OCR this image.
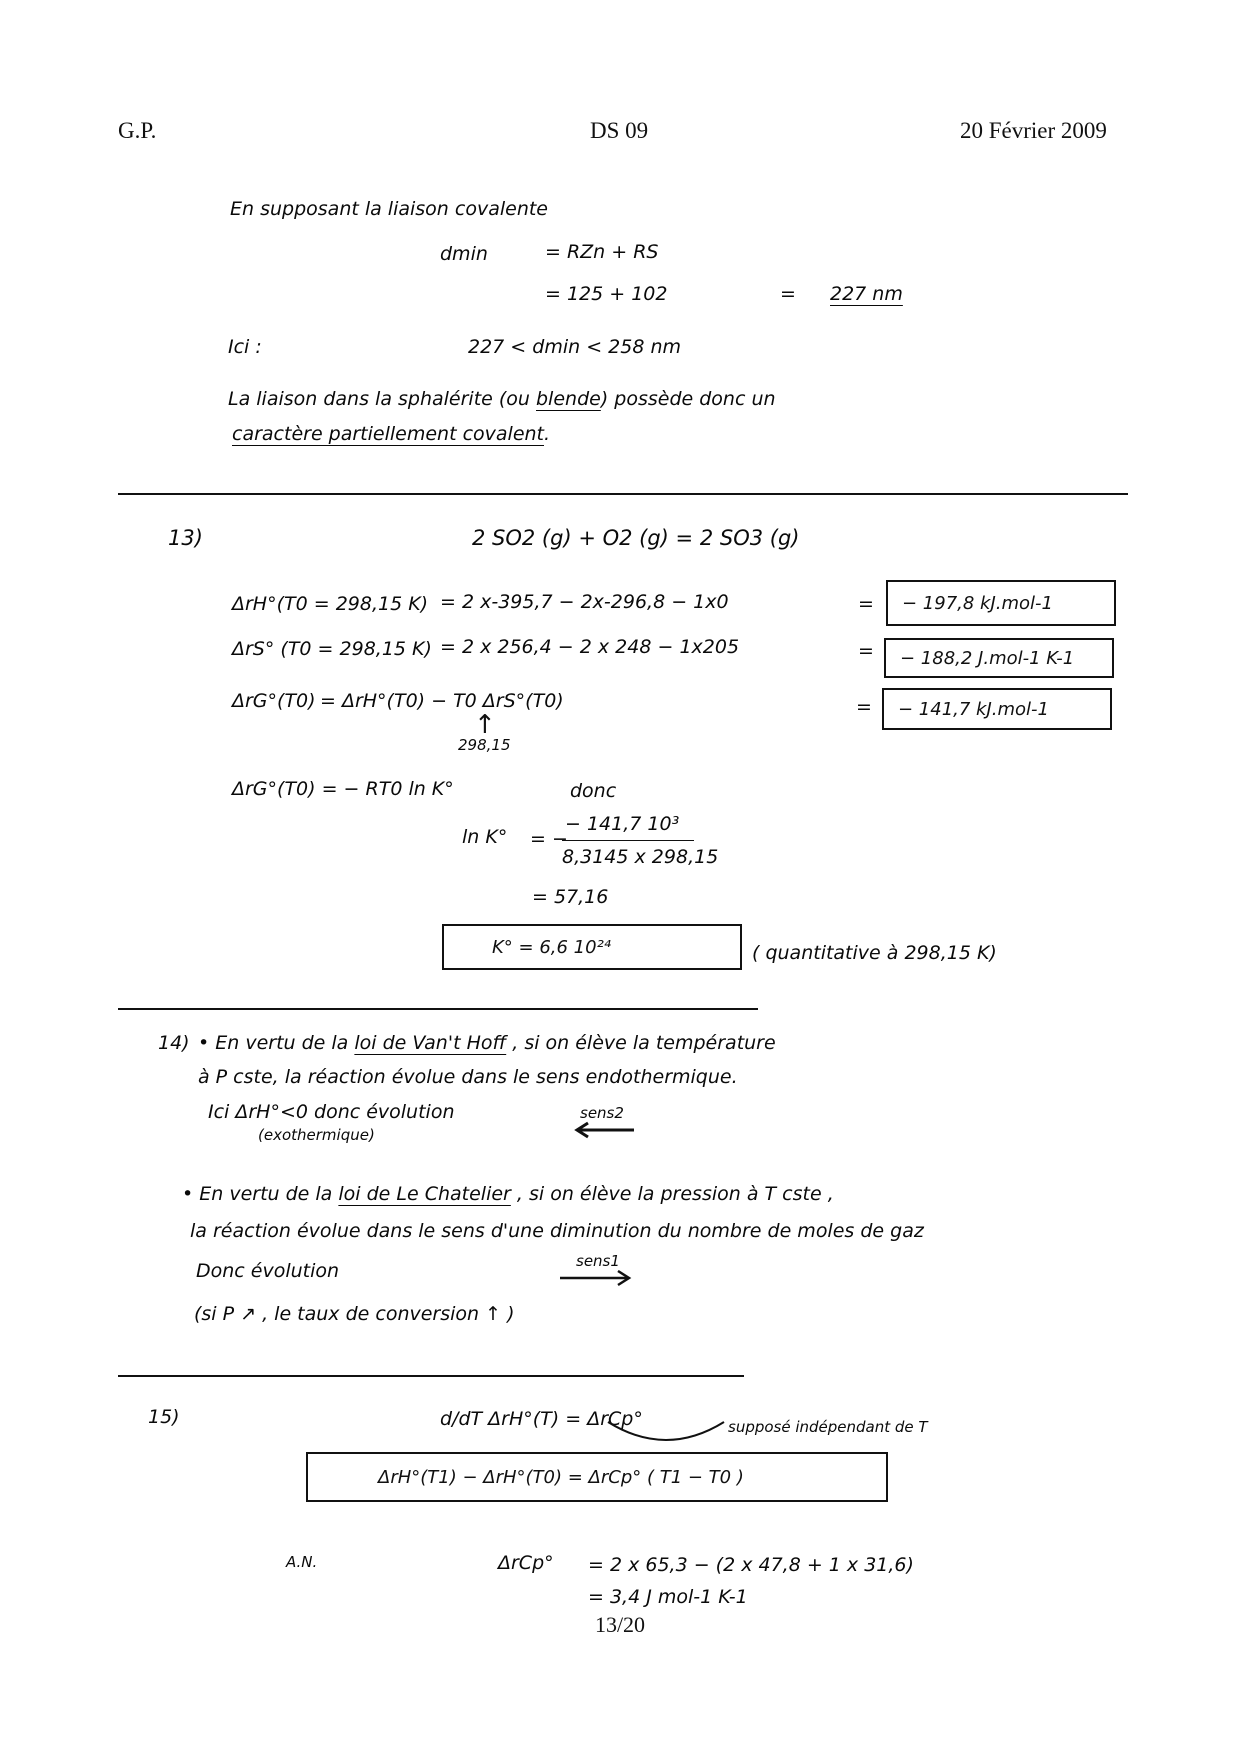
G.P.	DS 09	20 Février 2009
En supposant la liaison covalente
dmin	= RZn + RS
= 125 + 102	= 227 nm
Ici :	227 < dmin < 258 nm
La liaison dans la sphalérite (ou blende) possède donc un
caractère partiellement covalent.
13)	2 SO2 (g) + O2 (g) = 2 SO3 (g)
ΔrH°(T0 = 298,15 K) = 2 x-395,7 − 2x-296,8 − 1x0	= − 197,8 kJ.mol-1
ΔrS° (T0 = 298,15 K) = 2 x 256,4 − 2 x 248 − 1x205	= − 188,2 J.mol-1 K-1
ΔrG°(T0) = ΔrH°(T0) − T0 ΔrS°(T0)
↑
298,15
= − 141,7 kJ.mol-1
ΔrG°(T0) = − RT0 ln K°	donc
ln K° = −
− 141,7 10³
8,3145 x 298,15
= 57,16
K° = 6,6 10²⁴	( quantitative à 298,15 K)
14) • En vertu de la loi de Van't Hoff , si on élève la température
à P cste, la réaction évolue dans le sens endothermique.
Ici ΔrH°<0 donc évolution
(exothermique)
sens2
• En vertu de la loi de Le Chatelier , si on élève la pression à T cste ,
la réaction évolue dans le sens d'une diminution du nombre de moles de gaz
Donc évolution	sens1
(si P ↗ , le taux de conversion ↑ )
15)	d/dT ΔrH°(T) = ΔrCp°	supposé indépendant de T
ΔrH°(T1) − ΔrH°(T0) = ΔrCp° ( T1 − T0 )
A.N.	ΔrCp° = 2 x 65,3 − (2 x 47,8 + 1 x 31,6)
= 3,4 J mol-1 K-1
13/20
